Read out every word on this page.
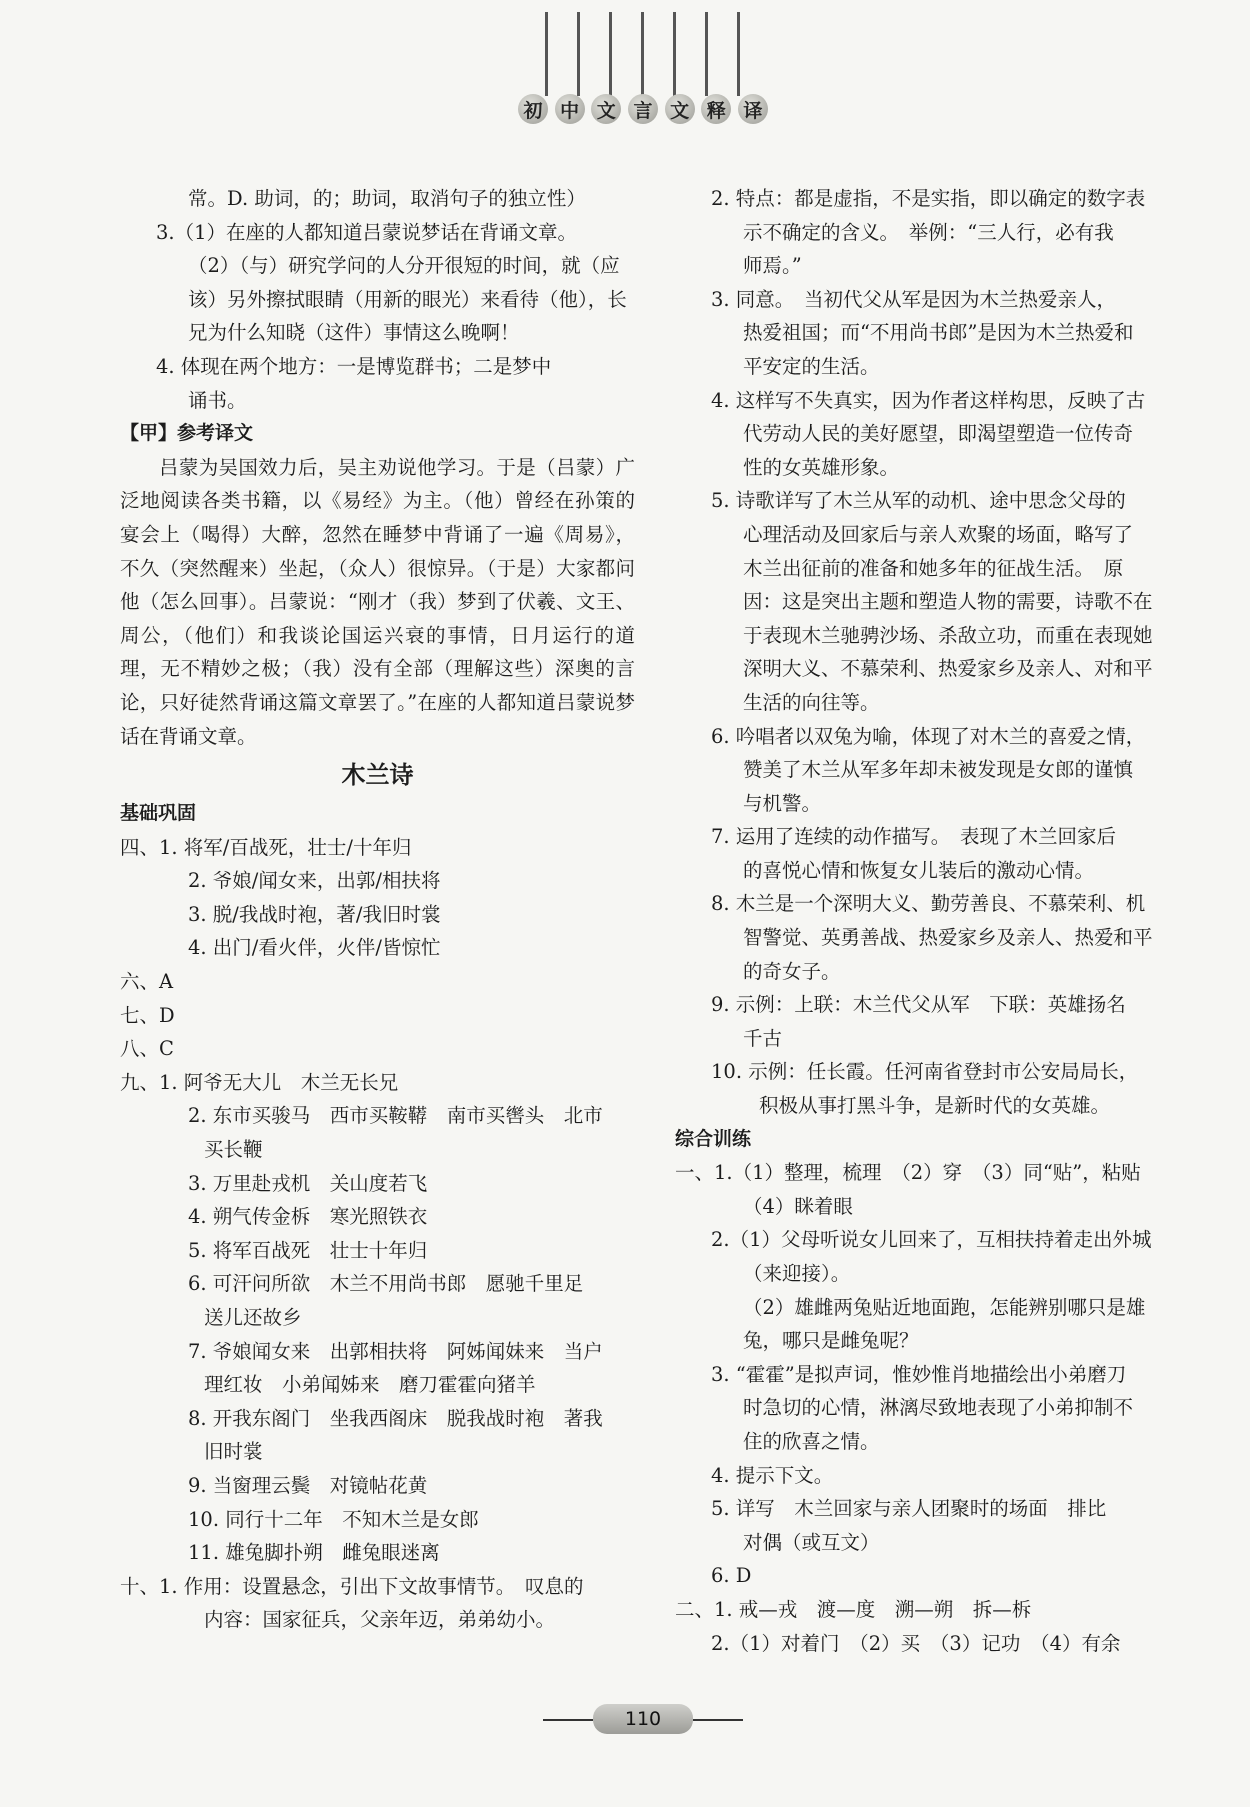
初 中 文 言 文 释 译
常。D. 助词，的；助词，取消句子的独立性）
3.（1）在座的人都知道吕蒙说梦话在背诵文章。
（2）（与）研究学问的人分开很短的时间，就（应
该）另外擦拭眼睛（用新的眼光）来看待（他），长
兄为什么知晓（这件）事情这么晚啊！
4. 体现在两个地方：一是博览群书；二是梦中
诵书。
【甲】参考译文
吕蒙为吴国效力后，吴主劝说他学习。于是（吕蒙）广泛地阅读各类书籍，以《易经》为主。（他）曾经在孙策的宴会上（喝得）大醉，忽然在睡梦中背诵了一遍《周易》，不久（突然醒来）坐起，（众人）很惊异。（于是）大家都问他（怎么回事）。吕蒙说：“刚才（我）梦到了伏羲、文王、周公，（他们）和我谈论国运兴衰的事情，日月运行的道理，无不精妙之极；（我）没有全部（理解这些）深奥的言论，只好徒然背诵这篇文章罢了。”在座的人都知道吕蒙说梦话在背诵文章。
木兰诗
基础巩固
四、1. 将军/百战死，壮士/十年归
2. 爷娘/闻女来，出郭/相扶将
3. 脱/我战时袍，著/我旧时裳
4. 出门/看火伴，火伴/皆惊忙
六、A
七、D
八、C
九、1. 阿爷无大儿　木兰无长兄
2. 东市买骏马　西市买鞍鞯　南市买辔头　北市
买长鞭
3. 万里赴戎机　关山度若飞
4. 朔气传金柝　寒光照铁衣
5. 将军百战死　壮士十年归
6. 可汗问所欲　木兰不用尚书郎　愿驰千里足
送儿还故乡
7. 爷娘闻女来　出郭相扶将　阿姊闻妹来　当户
理红妆　小弟闻姊来　磨刀霍霍向猪羊
8. 开我东阁门　坐我西阁床　脱我战时袍　著我
旧时裳
9. 当窗理云鬓　对镜帖花黄
10. 同行十二年　不知木兰是女郎
11. 雄兔脚扑朔　雌兔眼迷离
十、1. 作用：设置悬念，引出下文故事情节。　叹息的
内容：国家征兵，父亲年迈，弟弟幼小。
2. 特点：都是虚指，不是实指，即以确定的数字表
示不确定的含义。　举例：“三人行，必有我
师焉。”
3. 同意。　当初代父从军是因为木兰热爱亲人，
热爱祖国；而“不用尚书郎”是因为木兰热爱和
平安定的生活。
4. 这样写不失真实，因为作者这样构思，反映了古
代劳动人民的美好愿望，即渴望塑造一位传奇
性的女英雄形象。
5. 诗歌详写了木兰从军的动机、途中思念父母的
心理活动及回家后与亲人欢聚的场面，略写了
木兰出征前的准备和她多年的征战生活。　原
因：这是突出主题和塑造人物的需要，诗歌不在
于表现木兰驰骋沙场、杀敌立功，而重在表现她
深明大义、不慕荣利、热爱家乡及亲人、对和平
生活的向往等。
6. 吟唱者以双兔为喻，体现了对木兰的喜爱之情，
赞美了木兰从军多年却未被发现是女郎的谨慎
与机警。
7. 运用了连续的动作描写。　表现了木兰回家后
的喜悦心情和恢复女儿装后的激动心情。
8. 木兰是一个深明大义、勤劳善良、不慕荣利、机
智警觉、英勇善战、热爱家乡及亲人、热爱和平
的奇女子。
9. 示例：上联：木兰代父从军　下联：英雄扬名
千古
10. 示例：任长霞。任河南省登封市公安局局长，
积极从事打黑斗争，是新时代的女英雄。
综合训练
一、1.（1）整理，梳理　（2）穿　（3）同“贴”，粘贴
（4）眯着眼
2.（1）父母听说女儿回来了，互相扶持着走出外城
（来迎接）。
（2）雄雌两兔贴近地面跑，怎能辨别哪只是雄
兔，哪只是雌兔呢？
3. “霍霍”是拟声词，惟妙惟肖地描绘出小弟磨刀
时急切的心情，淋漓尽致地表现了小弟抑制不
住的欣喜之情。
4. 提示下文。
5. 详写　木兰回家与亲人团聚时的场面　排比
对偶（或互文）
6. D
二、1. 戒—戎　渡—度　溯—朔　拆—柝
2.（1）对着门　（2）买　（3）记功　（4）有余
110
